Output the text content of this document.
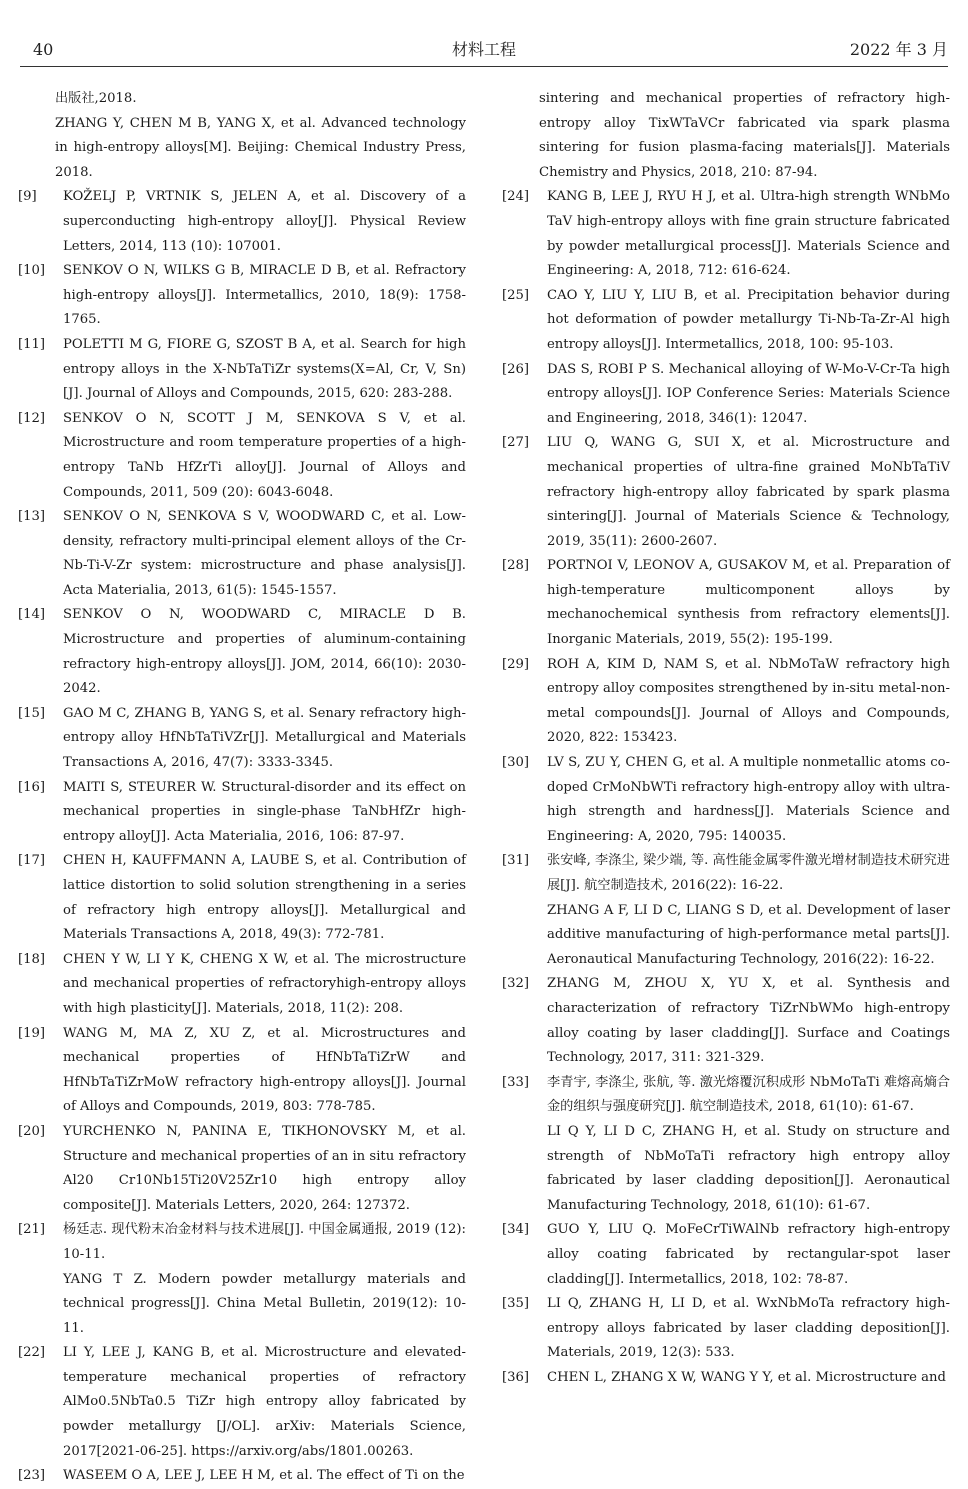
40	材料工程	2022 年 3 月
出版社,2018.
ZHANG Y, CHEN M B, YANG X, et al. Advanced technology in high-entropy alloys[M]. Beijing: Chemical Industry Press, 2018.
[9] KOŽELJ P, VRTNIK S, JELEN A, et al. Discovery of a superconducting high-entropy alloy[J]. Physical Review Letters, 2014, 113 (10): 107001.
[10] SENKOV O N, WILKS G B, MIRACLE D B, et al. Refractory high-entropy alloys[J]. Intermetallics, 2010, 18(9): 1758-1765.
[11] POLETTI M G, FIORE G, SZOST B A, et al. Search for high entropy alloys in the X-NbTaTiZr systems(X=Al, Cr, V, Sn)[J]. Journal of Alloys and Compounds, 2015, 620: 283-288.
[12] SENKOV O N, SCOTT J M, SENKOVA S V, et al. Microstructure and room temperature properties of a high-entropy TaNb HfZrTi alloy[J]. Journal of Alloys and Compounds, 2011, 509 (20): 6043-6048.
[13] SENKOV O N, SENKOVA S V, WOODWARD C, et al. Low-density, refractory multi-principal element alloys of the Cr-Nb-Ti-V-Zr system: microstructure and phase analysis[J]. Acta Materialia, 2013, 61(5): 1545-1557.
[14] SENKOV O N, WOODWARD C, MIRACLE D B. Microstructure and properties of aluminum-containing refractory high-entropy alloys[J]. JOM, 2014, 66(10): 2030-2042.
[15] GAO M C, ZHANG B, YANG S, et al. Senary refractory high-entropy alloy HfNbTaTiVZr[J]. Metallurgical and Materials Transactions A, 2016, 47(7): 3333-3345.
[16] MAITI S, STEURER W. Structural-disorder and its effect on mechanical properties in single-phase TaNbHfZr high-entropy alloy[J]. Acta Materialia, 2016, 106: 87-97.
[17] CHEN H, KAUFFMANN A, LAUBE S, et al. Contribution of lattice distortion to solid solution strengthening in a series of refractory high entropy alloys[J]. Metallurgical and Materials Transactions A, 2018, 49(3): 772-781.
[18] CHEN Y W, LI Y K, CHENG X W, et al. The microstructure and mechanical properties of refractoryhigh-entropy alloys with high plasticity[J]. Materials, 2018, 11(2): 208.
[19] WANG M, MA Z, XU Z, et al. Microstructures and mechanical properties of HfNbTaTiZrW and HfNbTaTiZrMoW refractory high-entropy alloys[J]. Journal of Alloys and Compounds, 2019, 803: 778-785.
[20] YURCHENKO N, PANINA E, TIKHONOVSKY M, et al. Structure and mechanical properties of an in situ refractory Al20 Cr10Nb15Ti20V25Zr10 high entropy alloy composite[J]. Materials Letters, 2020, 264: 127372.
[21] 杨廷志. 现代粉末冶金材料与技术进展[J]. 中国金属通报, 2019 (12): 10-11.
YANG T Z. Modern powder metallurgy materials and technical progress[J]. China Metal Bulletin, 2019(12): 10-11.
[22] LI Y, LEE J, KANG B, et al. Microstructure and elevated-temperature mechanical properties of refractory AlMo0.5NbTa0.5 TiZr high entropy alloy fabricated by powder metallurgy [J/OL]. arXiv: Materials Science, 2017[2021-06-25]. https://arxiv.org/abs/1801.00263.
[23] WASEEM O A, LEE J, LEE H M, et al. The effect of Ti on the
sintering and mechanical properties of refractory high-entropy alloy TixWTaVCr fabricated via spark plasma sintering for fusion plasma-facing materials[J]. Materials Chemistry and Physics, 2018, 210: 87-94.
[24] KANG B, LEE J, RYU H J, et al. Ultra-high strength WNbMo TaV high-entropy alloys with fine grain structure fabricated by powder metallurgical process[J]. Materials Science and Engineering: A, 2018, 712: 616-624.
[25] CAO Y, LIU Y, LIU B, et al. Precipitation behavior during hot deformation of powder metallurgy Ti-Nb-Ta-Zr-Al high entropy alloys[J]. Intermetallics, 2018, 100: 95-103.
[26] DAS S, ROBI P S. Mechanical alloying of W-Mo-V-Cr-Ta high entropy alloys[J]. IOP Conference Series: Materials Science and Engineering, 2018, 346(1): 12047.
[27] LIU Q, WANG G, SUI X, et al. Microstructure and mechanical properties of ultra-fine grained MoNbTaTiV refractory high-entropy alloy fabricated by spark plasma sintering[J]. Journal of Materials Science & Technology, 2019, 35(11): 2600-2607.
[28] PORTNOI V, LEONOV A, GUSAKOV M, et al. Preparation of high-temperature multicomponent alloys by mechanochemical synthesis from refractory elements[J]. Inorganic Materials, 2019, 55(2): 195-199.
[29] ROH A, KIM D, NAM S, et al. NbMoTaW refractory high entropy alloy composites strengthened by in-situ metal-non-metal compounds[J]. Journal of Alloys and Compounds, 2020, 822: 153423.
[30] LV S, ZU Y, CHEN G, et al. A multiple nonmetallic atoms co-doped CrMoNbWTi refractory high-entropy alloy with ultra-high strength and hardness[J]. Materials Science and Engineering: A, 2020, 795: 140035.
[31] 张安峰, 李涤尘, 梁少端, 等. 高性能金属零件激光增材制造技术研究进展[J]. 航空制造技术, 2016(22): 16-22.
ZHANG A F, LI D C, LIANG S D, et al. Development of laser additive manufacturing of high-performance metal parts[J]. Aeronautical Manufacturing Technology, 2016(22): 16-22.
[32] ZHANG M, ZHOU X, YU X, et al. Synthesis and characterization of refractory TiZrNbWMo high-entropy alloy coating by laser cladding[J]. Surface and Coatings Technology, 2017, 311: 321-329.
[33] 李青宇, 李涤尘, 张航, 等. 激光熔覆沉积成形 NbMoTaTi 难熔高熵合金的组织与强度研究[J]. 航空制造技术, 2018, 61(10): 61-67.
LI Q Y, LI D C, ZHANG H, et al. Study on structure and strength of NbMoTaTi refractory high entropy alloy fabricated by laser cladding deposition[J]. Aeronautical Manufacturing Technology, 2018, 61(10): 61-67.
[34] GUO Y, LIU Q. MoFeCrTiWAlNb refractory high-entropy alloy coating fabricated by rectangular-spot laser cladding[J]. Intermetallics, 2018, 102: 78-87.
[35] LI Q, ZHANG H, LI D, et al. WxNbMoTa refractory high-entropy alloys fabricated by laser cladding deposition[J]. Materials, 2019, 12(3): 533.
[36] CHEN L, ZHANG X W, WANG Y Y, et al. Microstructure and
